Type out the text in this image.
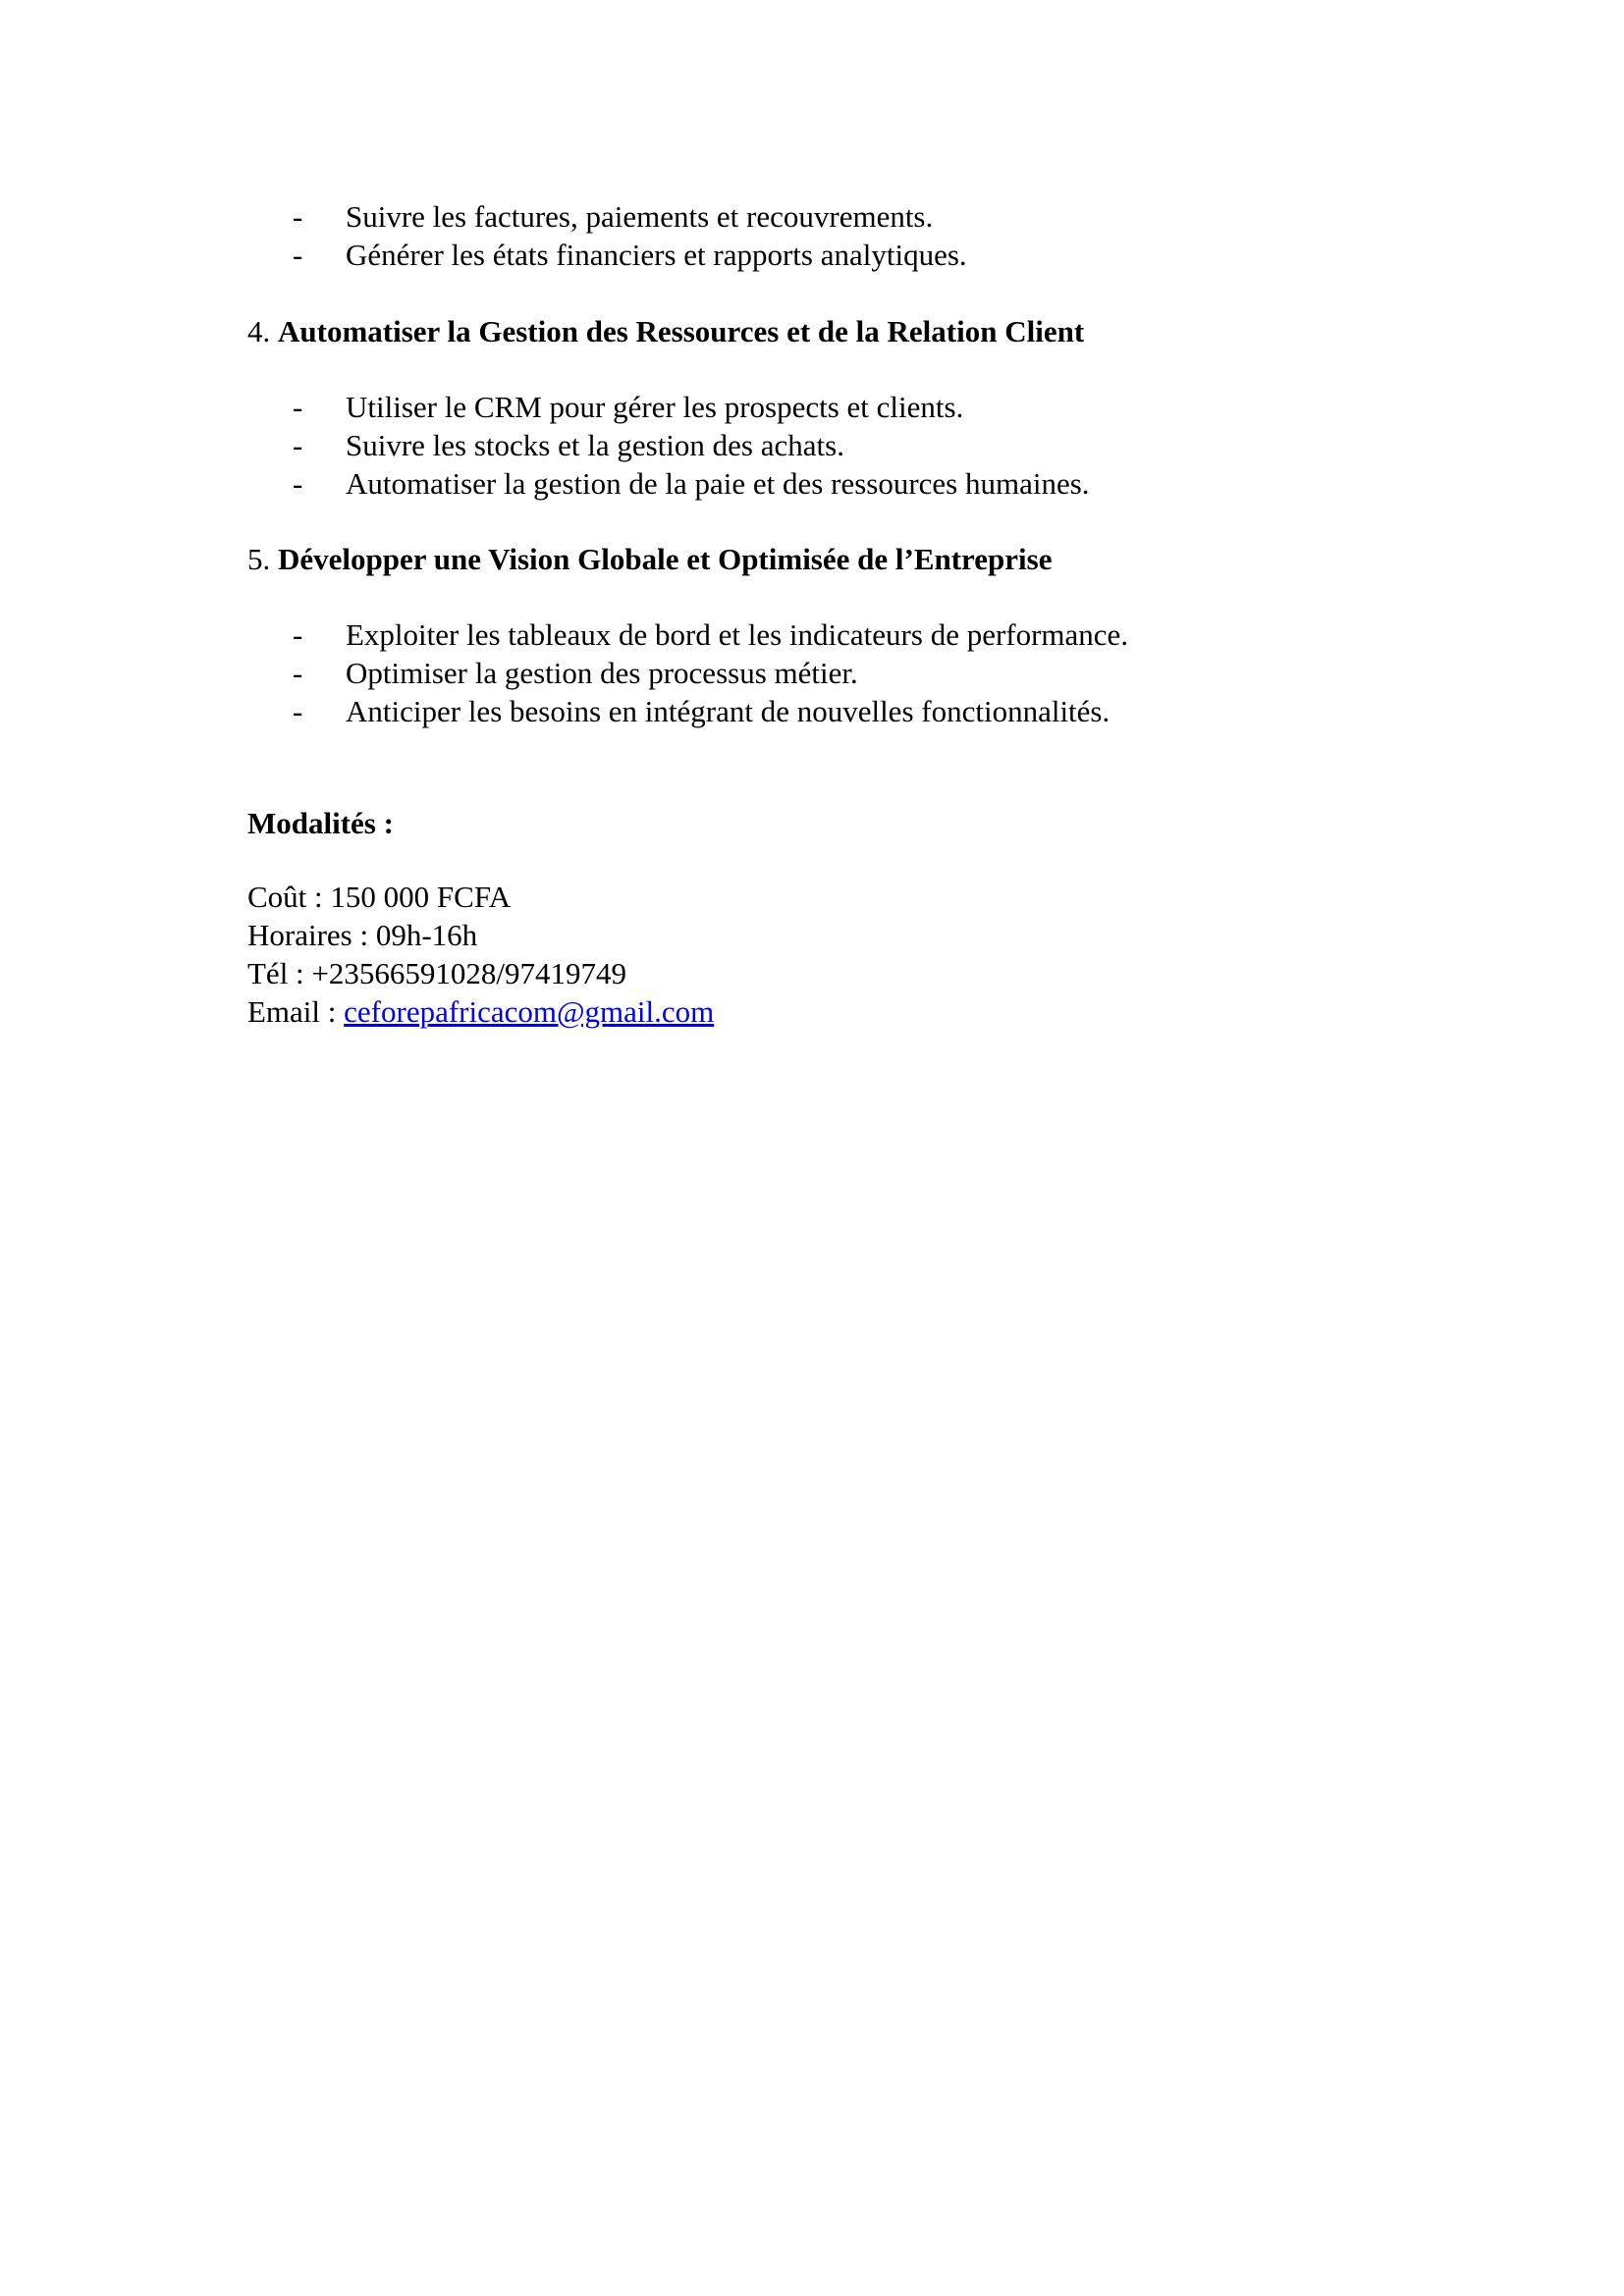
- Suivre les factures, paiements et recouvrements.
- Générer les états financiers et rapports analytiques.
4. Automatiser la Gestion des Ressources et de la Relation Client
- Utiliser le CRM pour gérer les prospects et clients.
- Suivre les stocks et la gestion des achats.
- Automatiser la gestion de la paie et des ressources humaines.
5. Développer une Vision Globale et Optimisée de l’Entreprise
- Exploiter les tableaux de bord et les indicateurs de performance.
- Optimiser la gestion des processus métier.
- Anticiper les besoins en intégrant de nouvelles fonctionnalités.
Modalités :
Coût : 150 000 FCFA
Horaires : 09h-16h
Tél : +23566591028/97419749
Email : ceforepafricacom@gmail.com
